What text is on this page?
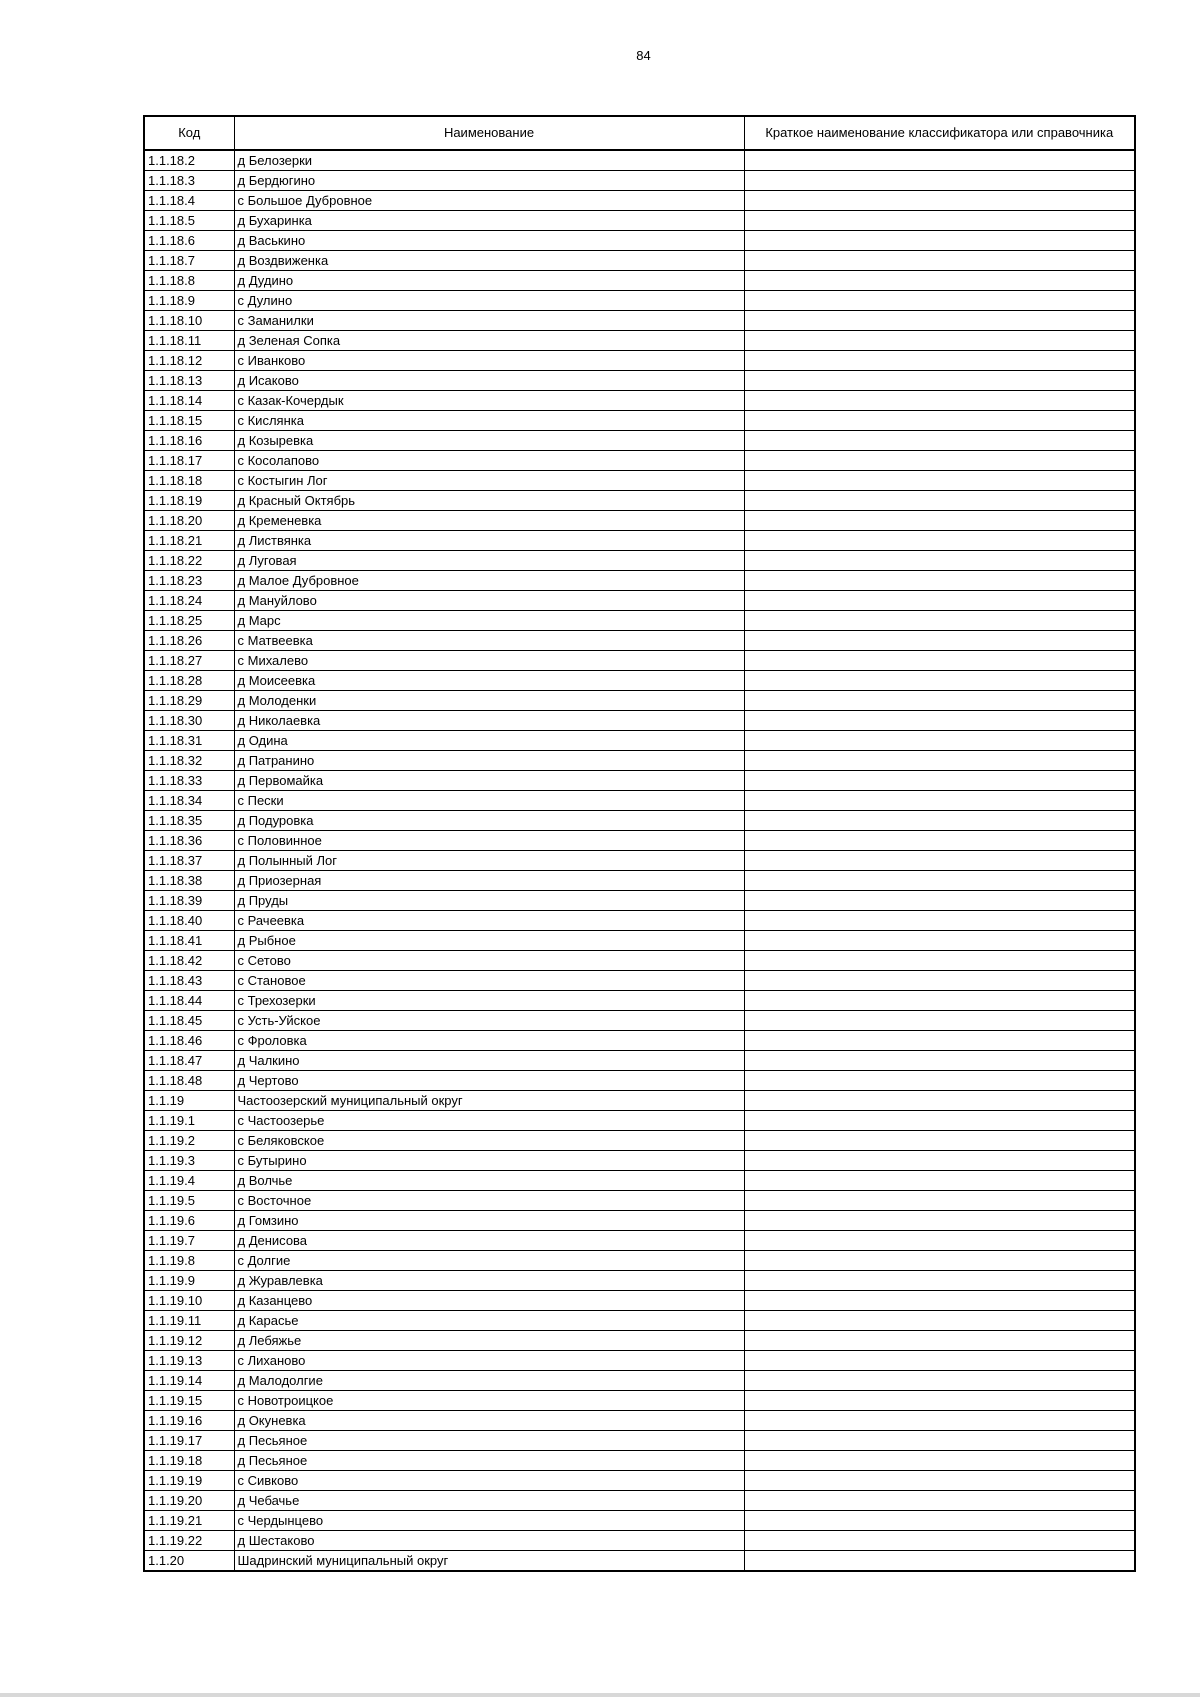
84
Код	Наименование	Краткое наименование классификатора или справочника
1.1.18.2	д Белозерки	
1.1.18.3	д Бердюгино	
1.1.18.4	с Большое Дубровное	
1.1.18.5	д Бухаринка	
1.1.18.6	д Васькино	
1.1.18.7	д Воздвиженка	
1.1.18.8	д Дудино	
1.1.18.9	с Дулино	
1.1.18.10	с Заманилки	
1.1.18.11	д Зеленая Сопка	
1.1.18.12	с Иванково	
1.1.18.13	д Исаково	
1.1.18.14	с Казак-Кочердык	
1.1.18.15	с Кислянка	
1.1.18.16	д Козыревка	
1.1.18.17	с Косолапово	
1.1.18.18	с Костыгин Лог	
1.1.18.19	д Красный Октябрь	
1.1.18.20	д Кременевка	
1.1.18.21	д Листвянка	
1.1.18.22	д Луговая	
1.1.18.23	д Малое Дубровное	
1.1.18.24	д Мануйлово	
1.1.18.25	д Марс	
1.1.18.26	с Матвеевка	
1.1.18.27	с Михалево	
1.1.18.28	д Моисеевка	
1.1.18.29	д Молоденки	
1.1.18.30	д Николаевка	
1.1.18.31	д Одина	
1.1.18.32	д Патранино	
1.1.18.33	д Первомайка	
1.1.18.34	с Пески	
1.1.18.35	д Подуровка	
1.1.18.36	с Половинное	
1.1.18.37	д Полынный Лог	
1.1.18.38	д Приозерная	
1.1.18.39	д Пруды	
1.1.18.40	с Рачеевка	
1.1.18.41	д Рыбное	
1.1.18.42	с Сетово	
1.1.18.43	с Становое	
1.1.18.44	с Трехозерки	
1.1.18.45	с Усть-Уйское	
1.1.18.46	с Фроловка	
1.1.18.47	д Чалкино	
1.1.18.48	д Чертово	
1.1.19	Частоозерский муниципальный округ	
1.1.19.1	с Частоозерье	
1.1.19.2	с Беляковское	
1.1.19.3	с Бутырино	
1.1.19.4	д Волчье	
1.1.19.5	с Восточное	
1.1.19.6	д Гомзино	
1.1.19.7	д Денисова	
1.1.19.8	с Долгие	
1.1.19.9	д Журавлевка	
1.1.19.10	д Казанцево	
1.1.19.11	д Карасье	
1.1.19.12	д Лебяжье	
1.1.19.13	с Лиханово	
1.1.19.14	д Малодолгие	
1.1.19.15	с Новотроицкое	
1.1.19.16	д Окуневка	
1.1.19.17	д Песьяное	
1.1.19.18	д Песьяное	
1.1.19.19	с Сивково	
1.1.19.20	д Чебачье	
1.1.19.21	с Чердынцево	
1.1.19.22	д Шестаково	
1.1.20	Шадринский муниципальный округ	
